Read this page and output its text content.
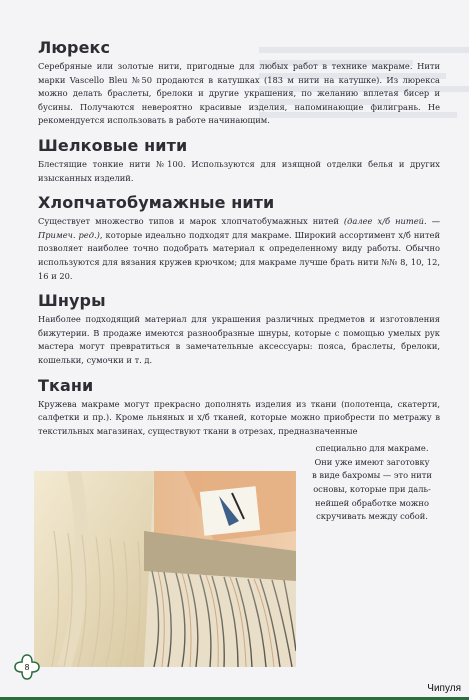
Люрекс

Серебряные или золотые нити, пригодные для любых работ в технике макраме. Нити марки Vascello Bleu №50 продаются в катушках (183 м нити на катушке). Из люрекса можно делать браслеты, брелоки и другие украшения, по желанию вплетая бисер и бусины. Получаются невероятно красивые изделия, напоминающие филигрань. Не рекомендуется использовать в работе начинающим.

Шелковые нити

Блестящие тонкие нити №100. Используются для изящной отделки белья и других изысканных изделий.

Хлопчатобумажные нити

Существует множество типов и марок хлопчатобумажных нитей (далее х/б нитей. — Примеч. ред.), которые идеально подходят для макраме. Широкий ассортимент х/б нитей позволяет наиболее точно подобрать материал к определенному виду работы. Обычно используются для вязания кружев крючком; для макраме лучше брать нити №№ 8, 10, 12, 16 и 20.

Шнуры

Наиболее подходящий материал для украшения различных предметов и изготовления бижутерии. В продаже имеются разнообразные шнуры, которые с помощью умелых рук мастера могут превратиться в замечательные аксессуары: пояса, браслеты, брелоки, кошельки, сумочки и т. д.

Ткани

Кружева макраме могут прекрасно дополнять изделия из ткани (полотенца, скатерти, салфетки и пр.). Кроме льняных и х/б тканей, которые можно приобрести по метражу в текстильных магазинах, существуют ткани в отрезах, предназначенные

специально для макраме.
Они уже имеют заготовку
в виде бахромы — это нити
основы, которые при даль-
нейшей обработке можно
скручивать между собой.
8
Чипуля
